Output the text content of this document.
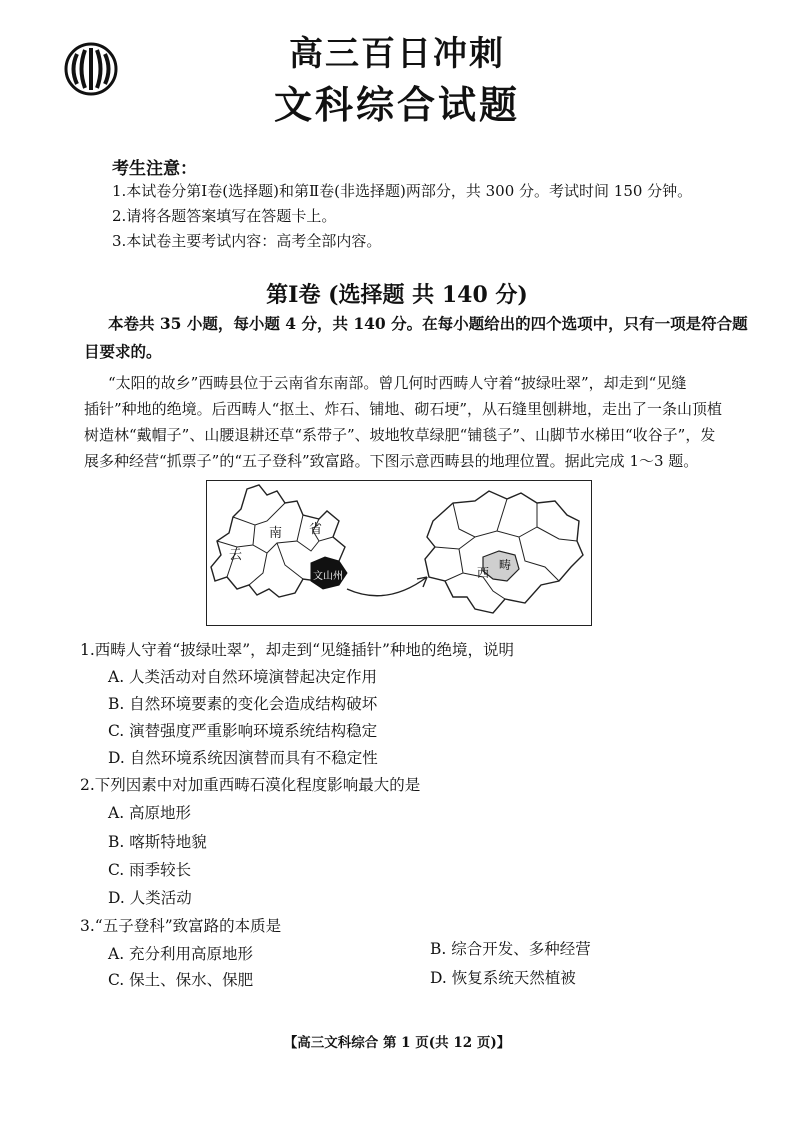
高三百日冲刺
文科综合试题
考生注意：
1.本试卷分第Ⅰ卷(选择题)和第Ⅱ卷(非选择题)两部分，共 300 分。考试时间 150 分钟。
2.请将各题答案填写在答题卡上。
3.本试卷主要考试内容：高考全部内容。
第Ⅰ卷 (选择题 共 140 分)
本卷共 35 小题，每小题 4 分，共 140 分。在每小题给出的四个选项中，只有一项是符合题
目要求的。
“太阳的故乡”西畴县位于云南省东南部。曾几何时西畴人守着“披绿吐翠”，却走到“见缝
插针”种地的绝境。后西畴人“抠土、炸石、铺地、砌石埂”，从石缝里刨耕地，走出了一条山顶植
树造林“戴帽子”、山腰退耕还草“系带子”、坡地牧草绿肥“铺毯子”、山脚节水梯田“收谷子”，发
展多种经营“抓票子”的“五子登科”致富路。下图示意西畴县的地理位置。据此完成 1～3 题。
云
南 省
文山州	西
畴
1.西畴人守着“披绿吐翠”，却走到“见缝插针”种地的绝境，说明
A. 人类活动对自然环境演替起决定作用
B. 自然环境要素的变化会造成结构破坏
C. 演替强度严重影响环境系统结构稳定
D. 自然环境系统因演替而具有不稳定性
2.下列因素中对加重西畴石漠化程度影响最大的是
A. 高原地形
B. 喀斯特地貌
C. 雨季较长
D. 人类活动
3.“五子登科”致富路的本质是
A. 充分利用高原地形	B. 综合开发、多种经营
C. 保土、保水、保肥	D. 恢复系统天然植被
【高三文科综合 第 1 页(共 12 页)】
